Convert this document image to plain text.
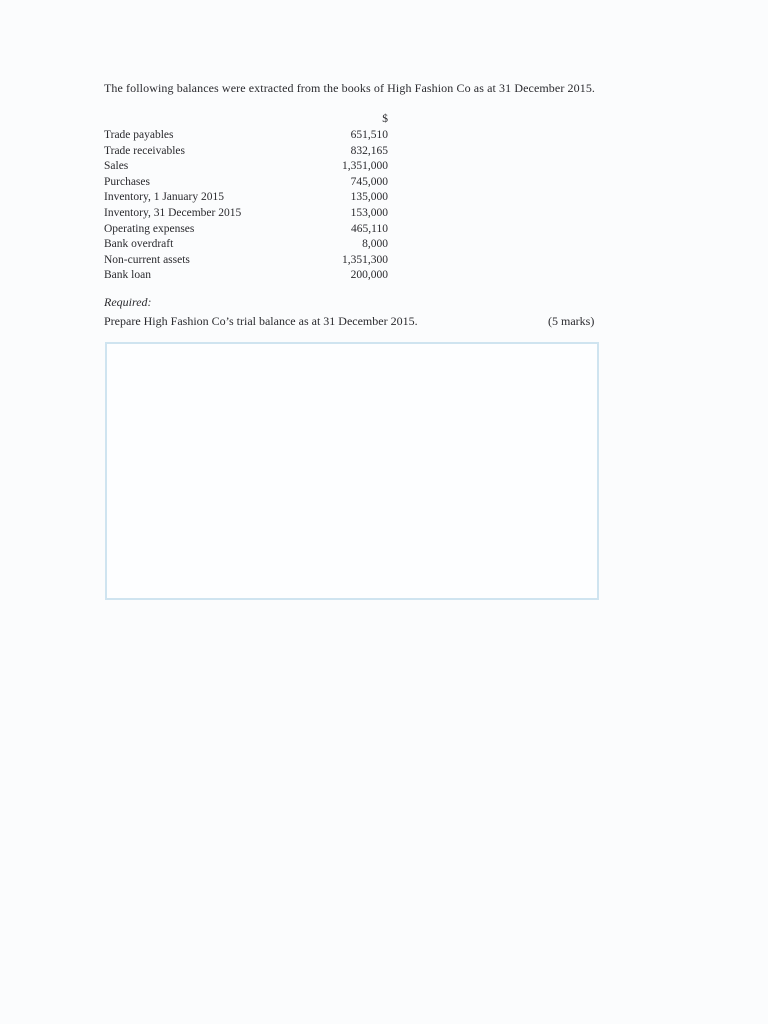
The following balances were extracted from the books of High Fashion Co as at 31 December 2015.

	$
Trade payables	651,510
Trade receivables	832,165
Sales	1,351,000
Purchases	745,000
Inventory, 1 January 2015	135,000
Inventory, 31 December 2015	153,000
Operating expenses	465,110
Bank overdraft	8,000
Non-current assets	1,351,300
Bank loan	200,000
Required:
Prepare High Fashion Co’s trial balance as at 31 December 2015.	(5 marks)
